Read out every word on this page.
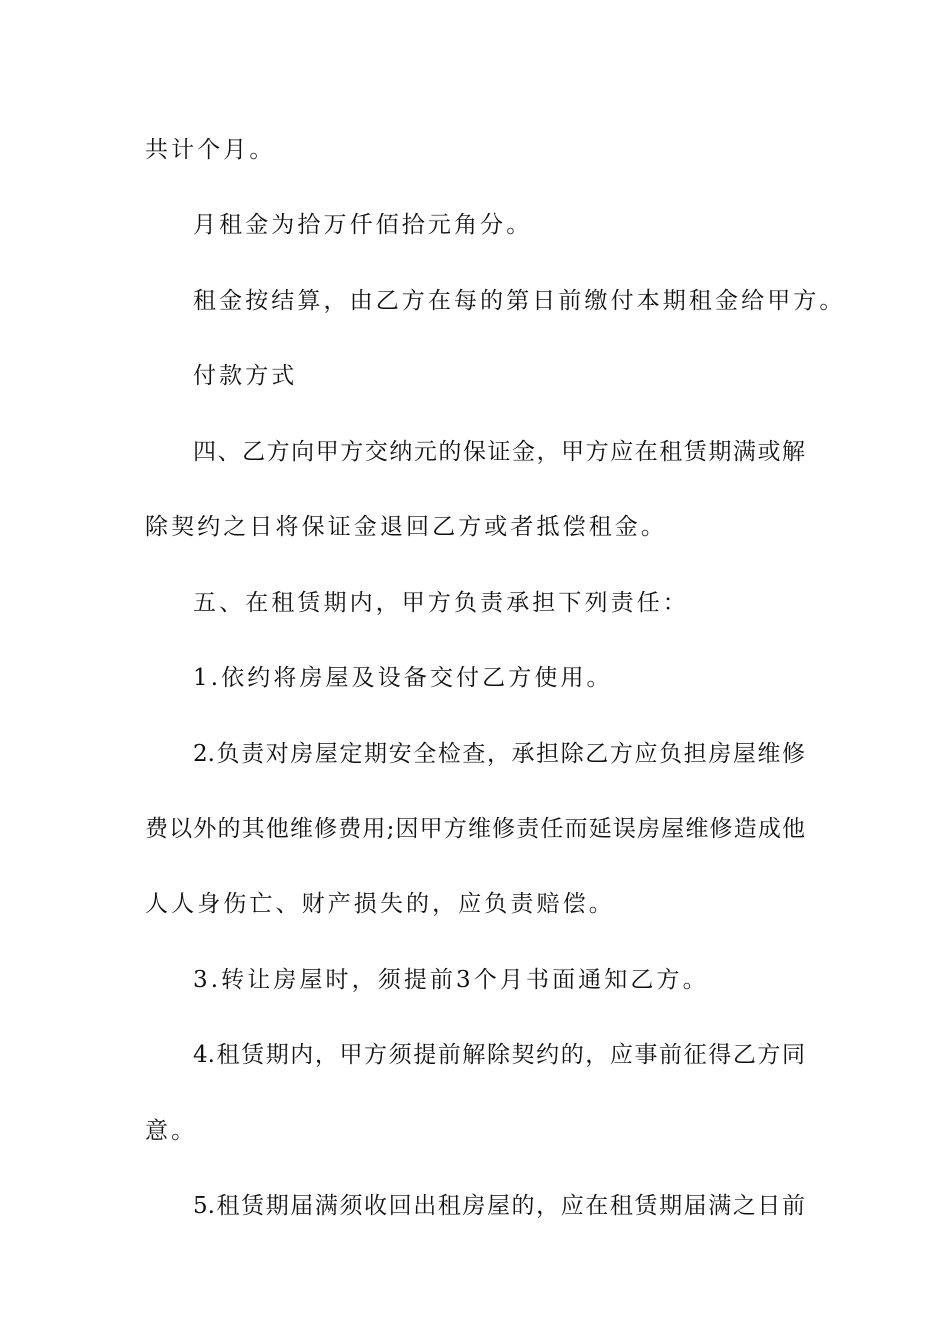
共计个月。
月租金为拾万仟佰拾元角分。
租金按结算，由乙方在每的第日前缴付本期租金给甲方。
付款方式
四、乙方向甲方交纳元的保证金，甲方应在租赁期满或解
除契约之日将保证金退回乙方或者抵偿租金。
五、在租赁期内，甲方负责承担下列责任：
1.依约将房屋及设备交付乙方使用。
2.负责对房屋定期安全检查，承担除乙方应负担房屋维修
费以外的其他维修费用;因甲方维修责任而延误房屋维修造成他
人人身伤亡、财产损失的，应负责赔偿。
3.转让房屋时，须提前3个月书面通知乙方。
4.租赁期内，甲方须提前解除契约的，应事前征得乙方同
意。
5.租赁期届满须收回出租房屋的，应在租赁期届满之日前
